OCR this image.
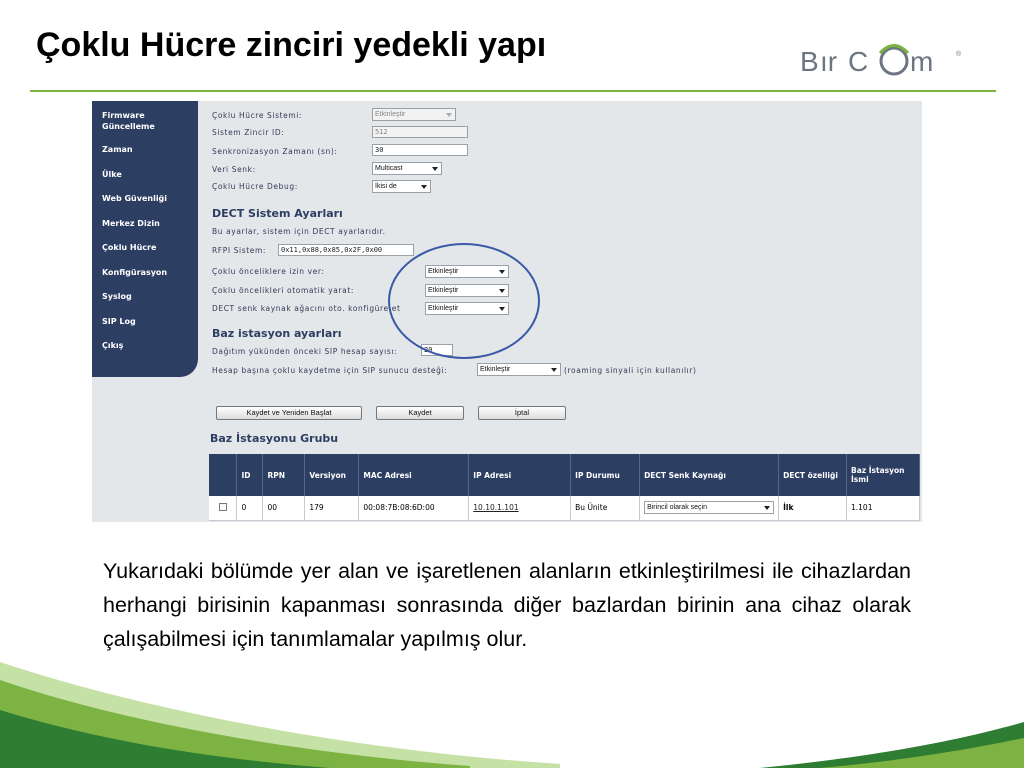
Çoklu Hücre zinciri yedekli yapı	B ır C m	®
Firmware Güncelleme
Zaman
Ülke
Web Güvenliği
Merkez Dizin
Çoklu Hücre
Konfigürasyon
Syslog
SIP Log
Çıkış
Çoklu Hücre Sistemi:	Etkinleştir
Sistem Zincir ID:	512
Senkronizasyon Zamanı (sn):	30
Veri Senk:	Multicast
Çoklu Hücre Debug:	İkisi de
DECT Sistem Ayarları
Bu ayarlar, sistem için DECT ayarlarıdır.
RFPI Sistem:	0x11,0x88,0x85,0x2F,0x00
Çoklu önceliklere izin ver:	Etkinleştir
Çoklu öncelikleri otomatik yarat:	Etkinleştir
DECT senk kaynak ağacını oto. konfigüre et	Etkinleştir
Baz istasyon ayarları
Dağıtım yükünden önceki SIP hesap sayısı:	20
Hesap başına çoklu kaydetme için SIP sunucu desteği:	Etkinleştir	(roaming sinyali için kullanılır)
Kaydet ve Yeniden Başlat	Kaydet	İptal
Baz İstasyonu Grubu
	ID	RPN	Versiyon	MAC Adresi	IP Adresi	IP Durumu	DECT Senk Kaynağı	DECT özelliği	Baz İstasyon İsmi
	0	00	179	00:08:7B:08:6D:00	10.10.1.101	Bu Ünite	Birincil olarak seçin	İlk	1.101

Yukarıdaki bölümde yer alan ve işaretlenen alanların etkinleştirilmesi ile cihazlardan herhangi birisinin kapanması sonrasında diğer bazlardan birinin ana cihaz olarak çalışabilmesi için tanımlamalar yapılmış olur.
